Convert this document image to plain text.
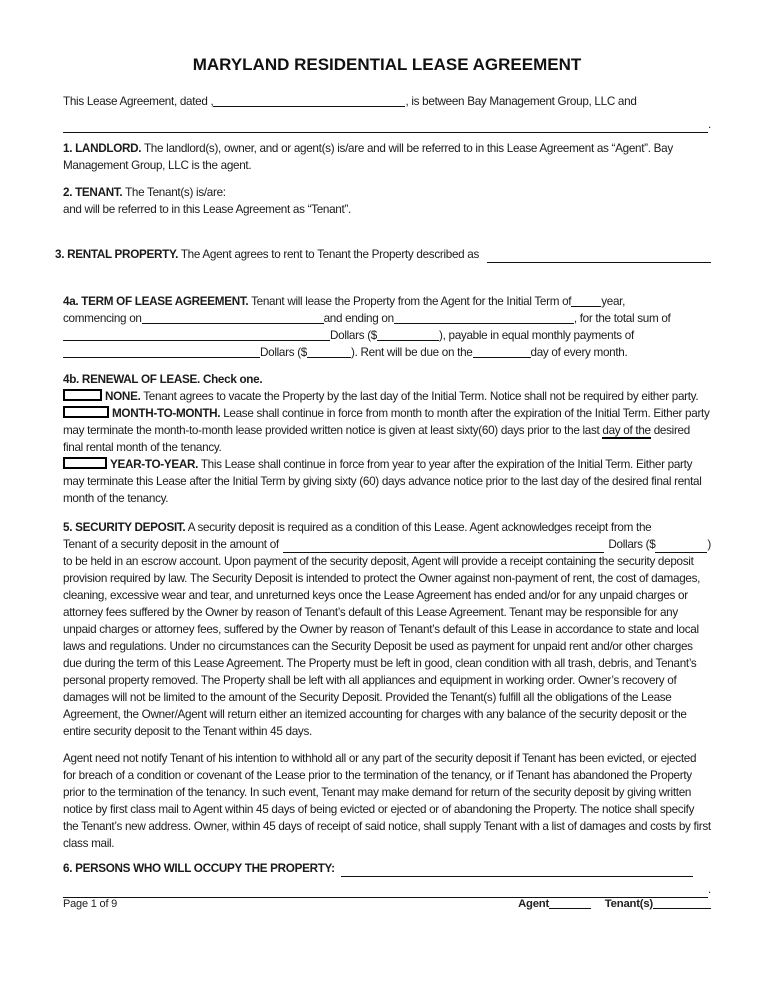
MARYLAND RESIDENTIAL LEASE AGREEMENT
This Lease Agreement, dated ,	, is between Bay Management Group, LLC and
.

1. LANDLORD. The landlord(s), owner, and or agent(s) is/are and will be referred to in this Lease Agreement as “Agent”. Bay Management Group, LLC is the agent.

2. TENANT. The Tenant(s) is/are:
and will be referred to in this Lease Agreement as “Tenant”.

3. RENTAL PROPERTY. The Agent agrees to rent to Tenant the Property described as
4a. TERM OF LEASE AGREEMENT. Tenant will lease the Property from the Agent for the Initial Term of	year,
commencing on	and ending on	, for the total sum of
Dollars ($	), payable in equal monthly payments of
Dollars ($	). Rent will be due on the	day of every month.

4b. RENEWAL OF LEASE. Check one.

NONE. Tenant agrees to vacate the Property by the last day of the Initial Term. Notice shall not be required by either party.

MONTH-TO-MONTH. Lease shall continue in force from month to month after the expiration of the Initial Term. Either party may terminate the month-to-month lease provided written notice is given at least sixty(60) days prior to the last day of the desired final rental month of the tenancy.

YEAR-TO-YEAR. This Lease shall continue in force from year to year after the expiration of the Initial Term. Either party may terminate this Lease after the Initial Term by giving sixty (60) days advance notice prior to the last day of the desired final rental month of the tenancy.

5. SECURITY DEPOSIT. A security deposit is required as a condition of this Lease. Agent acknowledges receipt from the
Tenant of a security deposit in the amount of	Dollars ($	)

to be held in an escrow account. Upon payment of the security deposit, Agent will provide a receipt containing the security deposit provision required by law. The Security Deposit is intended to protect the Owner against non-payment of rent, the cost of damages, cleaning, excessive wear and tear, and unreturned keys once the Lease Agreement has ended and/or for any unpaid charges or attorney fees suffered by the Owner by reason of Tenant’s default of this Lease Agreement. Tenant may be responsible for any unpaid charges or attorney fees, suffered by the Owner by reason of Tenant’s default of this Lease in accordance to state and local laws and regulations. Under no circumstances can the Security Deposit be used as payment for unpaid rent and/or other charges due during the term of this Lease Agreement. The Property must be left in good, clean condition with all trash, debris, and Tenant’s personal property removed. The Property shall be left with all appliances and equipment in working order. Owner’s recovery of damages will not be limited to the amount of the Security Deposit. Provided the Tenant(s) fulfill all the obligations of the Lease Agreement, the Owner/Agent will return either an itemized accounting for charges with any balance of the security deposit or the entire security deposit to the Tenant within 45 days.

Agent need not notify Tenant of his intention to withhold all or any part of the security deposit if Tenant has been evicted, or ejected for breach of a condition or covenant of the Lease prior to the termination of the tenancy, or if Tenant has abandoned the Property prior to the termination of the tenancy. In such event, Tenant may make demand for return of the security deposit by giving written notice by first class mail to Agent within 45 days of being evicted or ejected or of abandoning the Property. The notice shall specify the Tenant’s new address. Owner, within 45 days of receipt of said notice, shall supply Tenant with a list of damages and costs by first class mail.

6. PERSONS WHO WILL OCCUPY THE PROPERTY:
.
Page 1 of 9	Agent	Tenant(s)
